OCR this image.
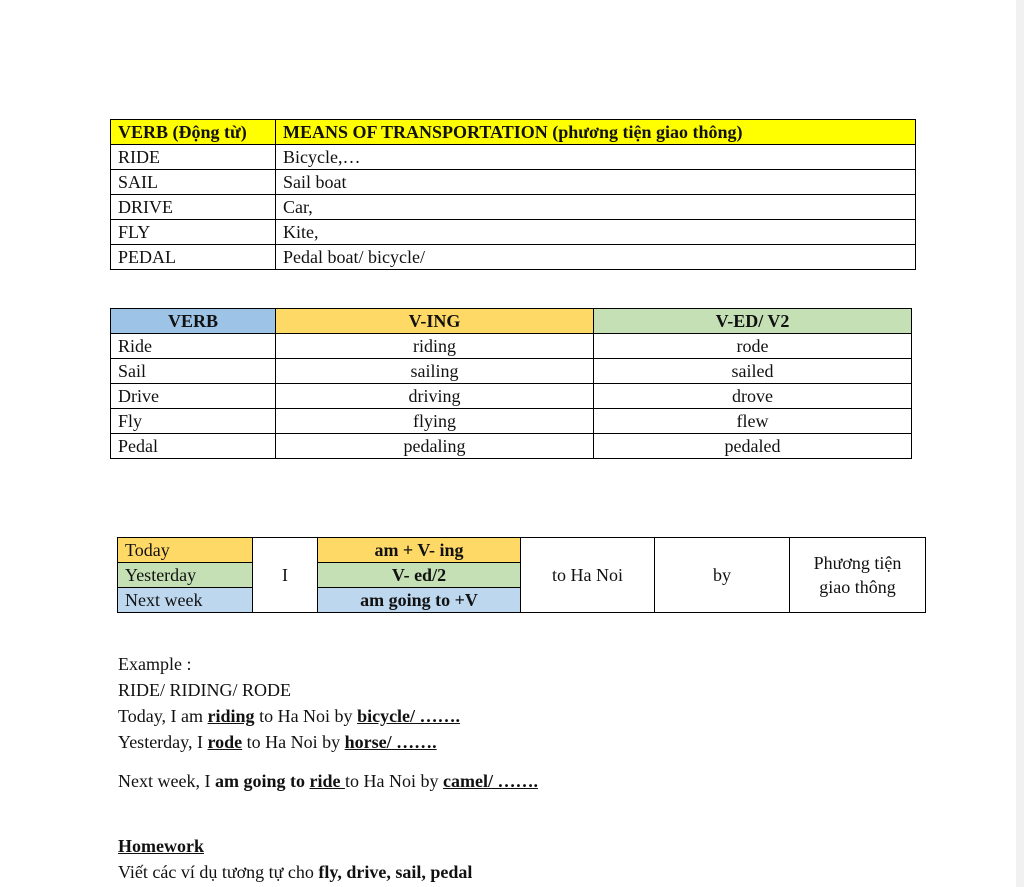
VERB (Động từ)	MEANS OF TRANSPORTATION (phương tiện giao thông)
RIDE	Bicycle,…
SAIL	Sail boat
DRIVE	Car,
FLY	Kite,
PEDAL	Pedal boat/ bicycle/
VERB	V-ING	V-ED/ V2
Ride	riding	rode
Sail	sailing	sailed
Drive	driving	drove
Fly	flying	flew
Pedal	pedaling	pedaled
Today	I	am + V- ing	to Ha Noi	by	Phương tiện giao thông
Yesterday		V- ed/2			
Next week		am going to +V			
Example :
RIDE/ RIDING/ RODE
Today, I am riding to Ha Noi by bicycle/ …….
Yesterday, I rode to Ha Noi by horse/ …….
Next week, I am going to ride to Ha Noi by camel/ …….
Homework
Viết các ví dụ tương tự cho fly, drive, sail, pedal
